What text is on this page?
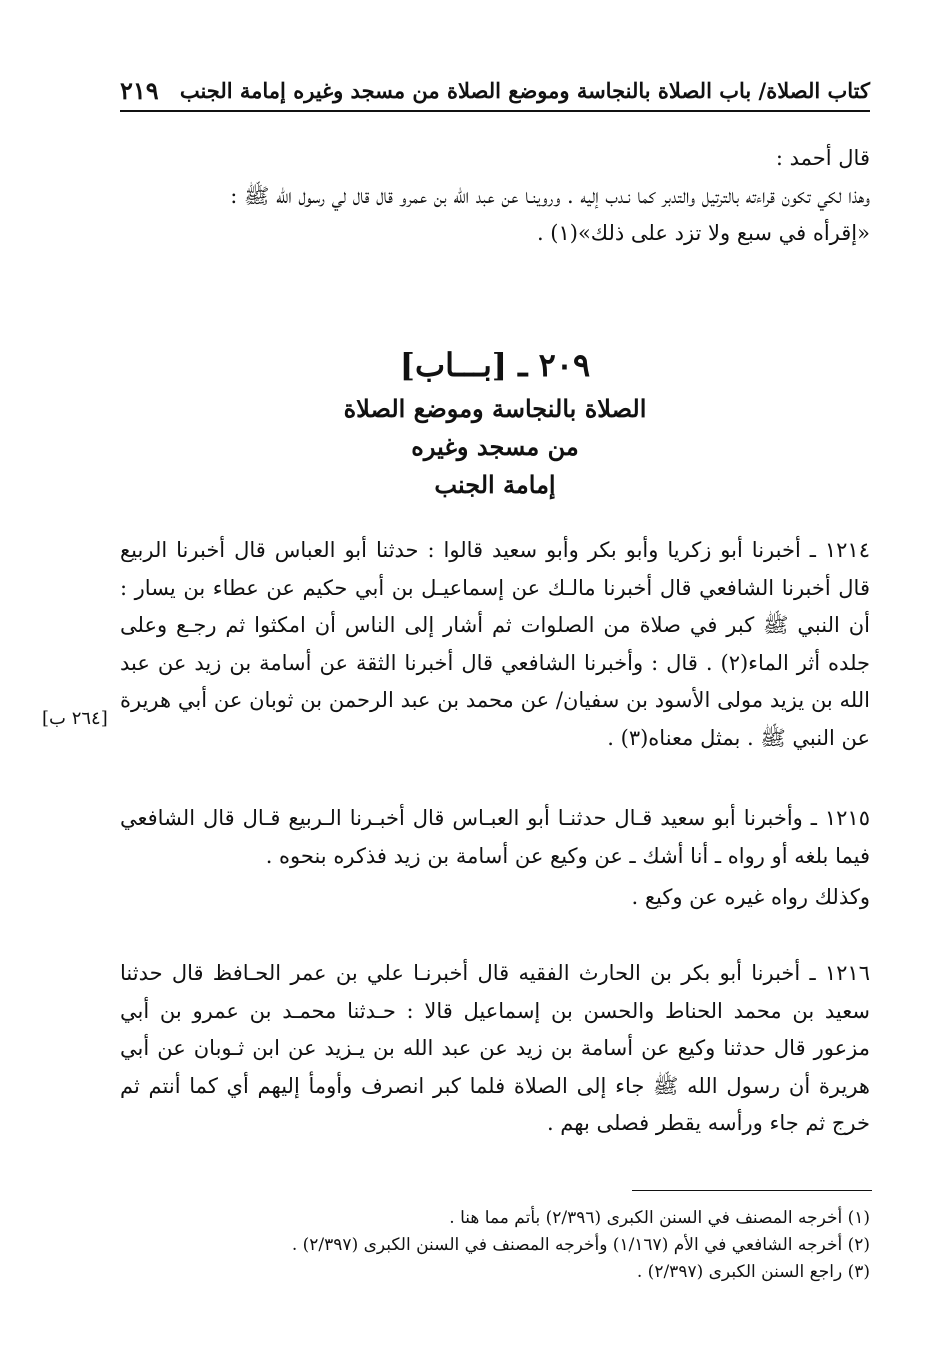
كتاب الصلاة/ باب الصلاة بالنجاسة وموضع الصلاة من مسجد وغيره إمامة الجنب
٢١٩

قال أحمد :

وهذا لكي تكون قراءته بالترتيل والتدبر كما نـدب إليه . وروينـا عن عبد الله بن عمرو قال قال لي رسول الله ﷺ :

«إقرأه في سبع ولا تزد على ذلك»(١) .

٢٠٩ ـ [بـــاب]
الصلاة بالنجاسة وموضع الصلاة
من مسجد وغيره
إمامة الجنب

١٢١٤ ـ أخبرنا أبو زكريا وأبو بكر وأبو سعيد قالوا : حدثنا أبو العباس قال أخبرنا الربيع قال أخبرنا الشافعي قال أخبرنا مالـك عن إسماعيـل بن أبي حكيم عن عطاء بن يسار : أن النبي ﷺ كبر في صلاة من الصلوات ثم أشار إلى الناس أن امكثوا ثم رجـع وعلى جلده أثر الماء(٢) . قال : وأخبرنا الشافعي قال أخبرنا الثقة عن أسامة بن زيد عن عبد الله بن يزيد مولى الأسود بن سفيان/ عن محمد بن عبد الرحمن بن ثوبان عن أبي هريرة عن النبي ﷺ . بمثل معناه(٣) .

[٢٦٤ ب]

١٢١٥ ـ وأخبرنا أبو سعيد قـال حدثنـا أبو العبـاس قال أخبـرنا الـربيع قـال قال الشافعي فيما بلغه أو رواه ـ أنا أشك ـ عن وكيع عن أسامة بن زيد فذكره بنحوه .

وكذلك رواه غيره عن وكيع .

١٢١٦ ـ أخبرنا أبو بكر بن الحارث الفقيه قال أخبرنـا علي بن عمر الحـافظ قال حدثنا سعيد بن محمد الحناط والحسن بن إسماعيل قالا : حـدثنا محمـد بن عمرو بن أبي مزعور قال حدثنا وكيع عن أسامة بن زيد عن عبد الله بن يـزيد عن ابن ثـوبان عن أبي هريرة أن رسول الله ﷺ جاء إلى الصلاة فلما كبر انصرف وأومأ إليهم أي كما أنتم ثم خرج ثم جاء ورأسه يقطر فصلى بهم .

(١) أخرجه المصنف في السنن الكبرى (٢/٣٩٦) بأتم مما هنا .

(٢) أخرجه الشافعي في الأم (١/١٦٧) وأخرجه المصنف في السنن الكبرى (٢/٣٩٧) .

(٣) راجع السنن الكبرى (٢/٣٩٧) .
